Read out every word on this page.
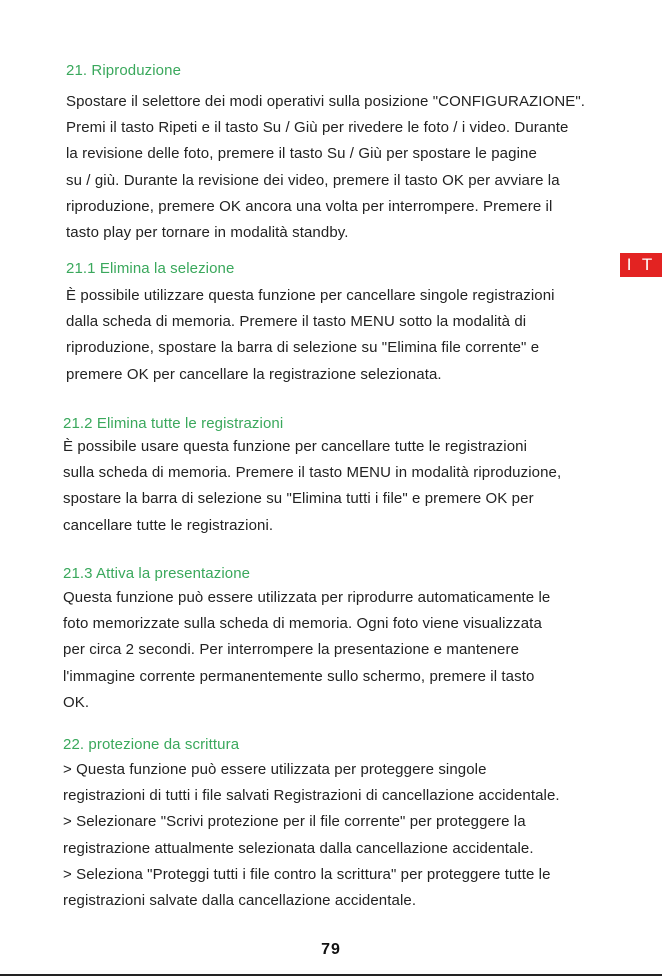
21. Riproduzione
Spostare il selettore dei modi operativi sulla posizione "CONFIGURAZIONE".
Premi il tasto Ripeti e il tasto Su / Giù per rivedere le foto / i video. Durante
la revisione delle foto, premere il tasto Su / Giù per spostare le pagine
su / giù. Durante la revisione dei video, premere il tasto OK per avviare la
riproduzione, premere OK ancora una volta per interrompere. Premere il
tasto play per tornare in modalità standby.
I T
21.1 Elimina la selezione
È possibile utilizzare questa funzione per cancellare singole registrazioni
dalla scheda di memoria. Premere il tasto MENU sotto la modalità di
riproduzione, spostare la barra di selezione su "Elimina file corrente" e
premere OK per cancellare la registrazione selezionata.
21.2 Elimina tutte le registrazioni
È possibile usare questa funzione per cancellare tutte le registrazioni
sulla scheda di memoria. Premere il tasto MENU in modalità riproduzione,
spostare la barra di selezione su "Elimina tutti i file" e premere OK per
cancellare tutte le registrazioni.
21.3 Attiva la presentazione
Questa funzione può essere utilizzata per riprodurre automaticamente le
foto memorizzate sulla scheda di memoria. Ogni foto viene visualizzata
per circa 2 secondi. Per interrompere la presentazione e mantenere
l'immagine corrente permanentemente sullo schermo, premere il tasto
OK.
22. protezione da scrittura
> Questa funzione può essere utilizzata per proteggere singole
registrazioni di tutti i file salvati Registrazioni di cancellazione accidentale.
> Selezionare "Scrivi protezione per il file corrente" per proteggere la
registrazione attualmente selezionata dalla cancellazione accidentale.
> Seleziona "Proteggi tutti i file contro la scrittura" per proteggere tutte le
registrazioni salvate dalla cancellazione accidentale.
79
